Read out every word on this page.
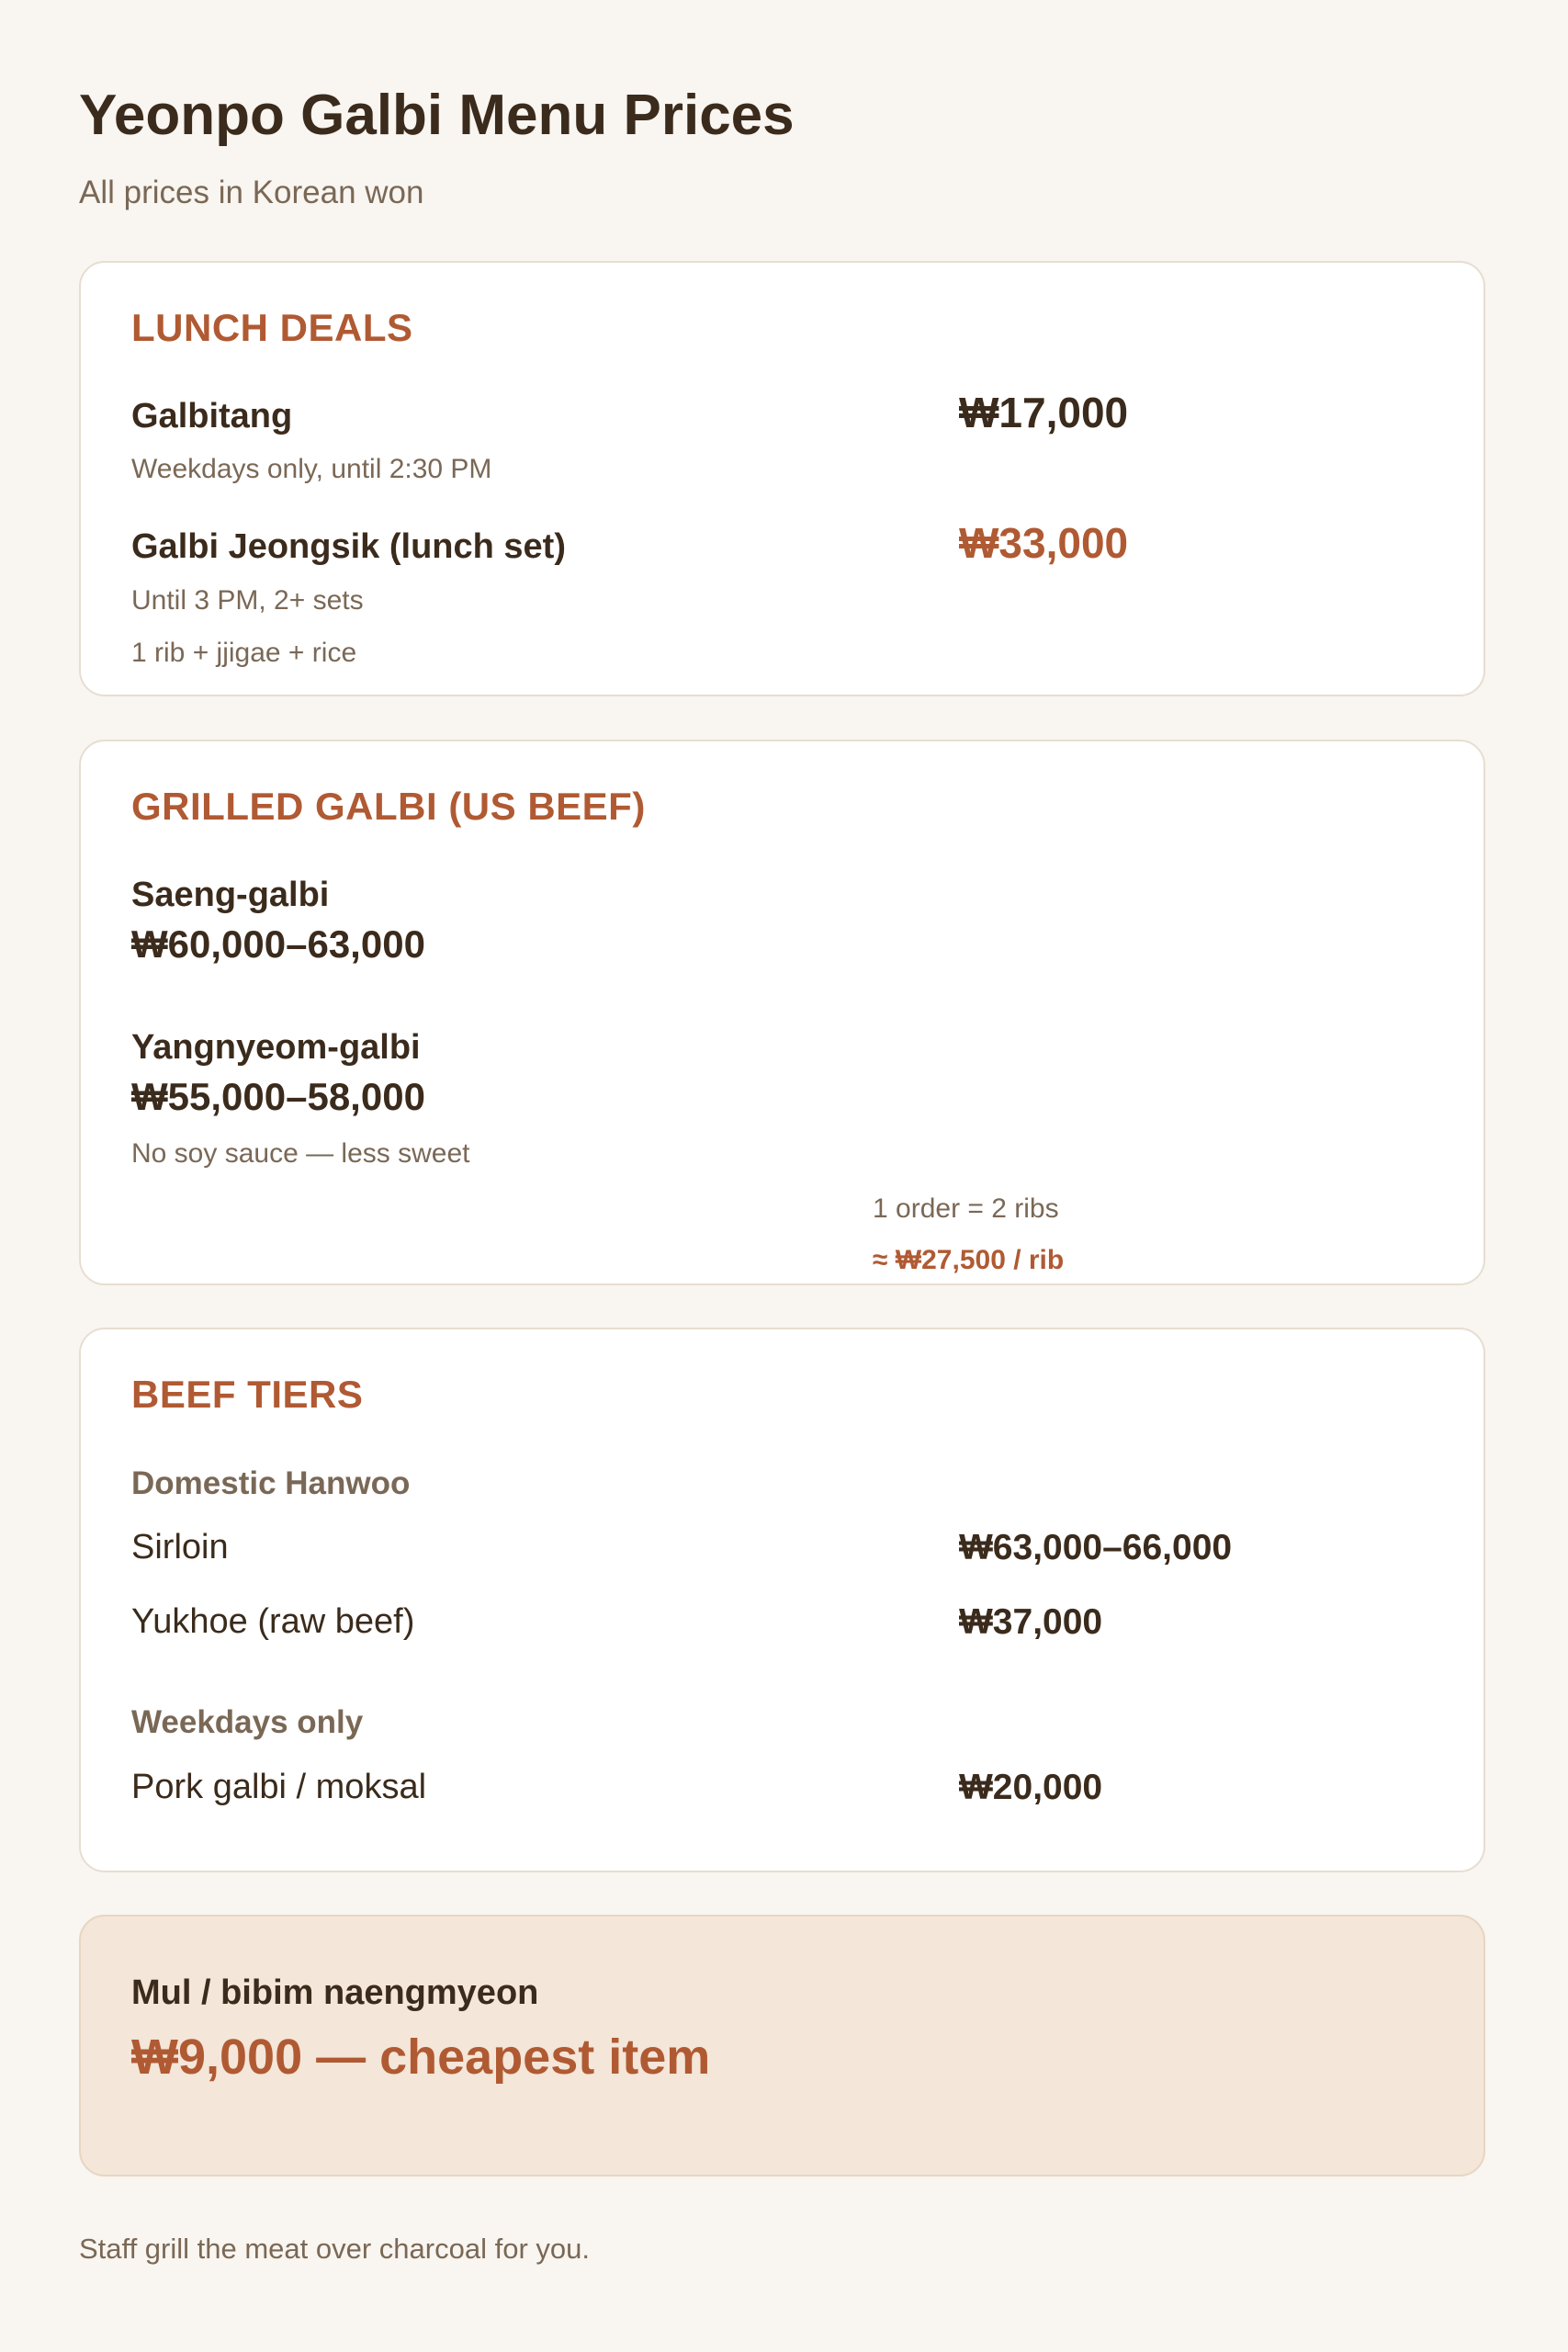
Yeonpo Galbi Menu Prices
All prices in Korean won
LUNCH DEALS
Galbitang	₩17,000
Weekdays only, until 2:30 PM
Galbi Jeongsik (lunch set)	₩33,000
Until 3 PM, 2+ sets
1 rib + jjigae + rice
GRILLED GALBI (US BEEF)
Saeng-galbi
₩60,000–63,000
Yangnyeom-galbi
₩55,000–58,000
No soy sauce — less sweet
1 order = 2 ribs
≈ ₩27,500 / rib
BEEF TIERS
Domestic Hanwoo
Sirloin	₩63,000–66,000
Yukhoe (raw beef)	₩37,000
Weekdays only
Pork galbi / moksal	₩20,000
Mul / bibim naengmyeon
₩9,000 — cheapest item
Staff grill the meat over charcoal for you.
